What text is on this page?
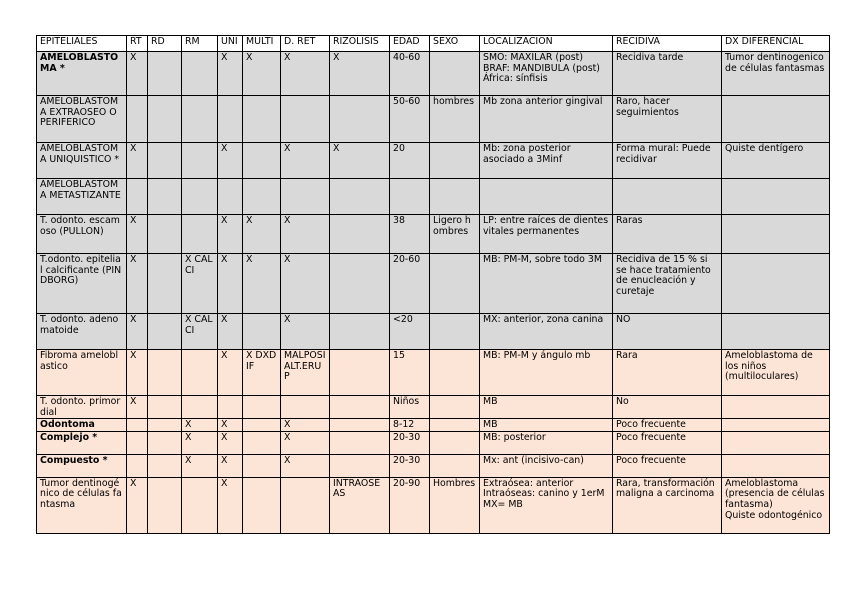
EPITELIALES	RT	RD	RM	UNI	MULTI	D. RET	RIZOLISIS	EDAD	SEXO	LOCALIZACION	RECIDIVA	DX DIFERENCIAL
AMELOBLASTOMA *	X			X	X	X	X	40-60		SMO: MAXILAR (post)
BRAF: MANDIBULA (post)
África: sínfisis	Recidiva tarde	Tumor dentinogenico de células fantasmas
AMELOBLASTOMA EXTRAOSEO O PERIFERICO								50-60	hombres	Mb zona anterior gingival	Raro, hacer seguimientos	
AMELOBLASTOMA UNIQUISTICO *	X			X		X	X	20		Mb: zona posterior asociado a 3Minf	Forma mural: Puede recidivar	Quiste dentígero
AMELOBLASTOMA METASTIZANTE												
T. odonto. escamoso (PULLON)	X			X	X	X		38	Ligero hombres	LP: entre raíces de dientes vitales permanentes	Raras	
T.odonto. epitelial calcificante (PINDBORG)	X		X CALCI	X	X	X		20-60		MB: PM-M, sobre todo 3M	Recidiva de 15 % si se hace tratamiento de enucleación y curetaje	
T. odonto. adenomatoide	X		X CALCI	X		X		<20		MX: anterior, zona canina	NO	
Fibroma ameloblastico	X			X	X DXDIF	MALPOSI ALT.ERUP		15		MB: PM-M y ángulo mb	Rara	Ameloblastoma de los niños (multiloculares)
T. odonto. primordial	X							Niños		MB	No	
Odontoma			X	X		X		8-12		MB	Poco frecuente	
Complejo *			X	X		X		20-30		MB: posterior	Poco frecuente	
Compuesto *			X	X		X		20-30		Mx: ant (incisivo-can)	Poco frecuente	
Tumor dentinogénico de células fantasma	X			X			INTRAOSEAS	20-90	Hombres	Extraósea: anterior
Intraóseas: canino y 1erM
MX= MB	Rara, transformación maligna a carcinoma	Ameloblastoma (presencia de células fantasma)
Quiste odontogénico
